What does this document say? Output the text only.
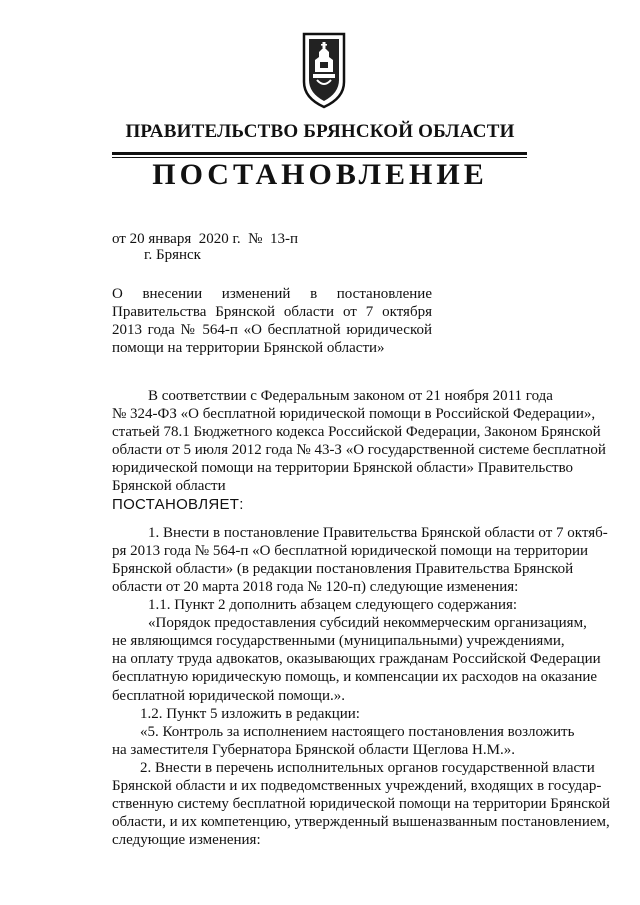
ПРАВИТЕЛЬСТВО БРЯНСКОЙ ОБЛАСТИ
ПОСТАНОВЛЕНИЕ
от 20 января  2020 г.  №  13-п
г. Брянск
О внесении изменений в постановление
Правительства Брянской области от 7 октября
2013 года № 564-п «О бесплатной юридической
помощи на территории Брянской области»
В соответствии с Федеральным законом от 21 ноября 2011 года
№ 324-ФЗ «О бесплатной юридической помощи в Российской Федерации»,
статьей 78.1 Бюджетного кодекса Российской Федерации, Законом Брянской
области от 5 июля 2012 года № 43-З «О государственной системе бесплатной
юридической помощи на территории Брянской области» Правительство
Брянской области
ПОСТАНОВЛЯЕТ:
1. Внести в постановление Правительства Брянской области от 7 октяб-
ря 2013 года № 564-п «О бесплатной юридической помощи на территории
Брянской области» (в редакции постановления Правительства Брянской
области от 20 марта 2018 года № 120-п) следующие изменения:
1.1. Пункт 2 дополнить абзацем следующего содержания:
«Порядок предоставления субсидий некоммерческим организациям,
не являющимся государственными (муниципальными) учреждениями,
на оплату труда адвокатов, оказывающих гражданам Российской Федерации
бесплатную юридическую помощь, и компенсации их расходов на оказание
бесплатной юридической помощи.».
1.2. Пункт 5 изложить в редакции:
«5. Контроль за исполнением настоящего постановления возложить
на заместителя Губернатора Брянской области Щеглова Н.М.».
2. Внести в перечень исполнительных органов государственной власти
Брянской области и их подведомственных учреждений, входящих в государ-
ственную систему бесплатной юридической помощи на территории Брянской
области, и их компетенцию, утвержденный вышеназванным постановлением,
следующие изменения:
